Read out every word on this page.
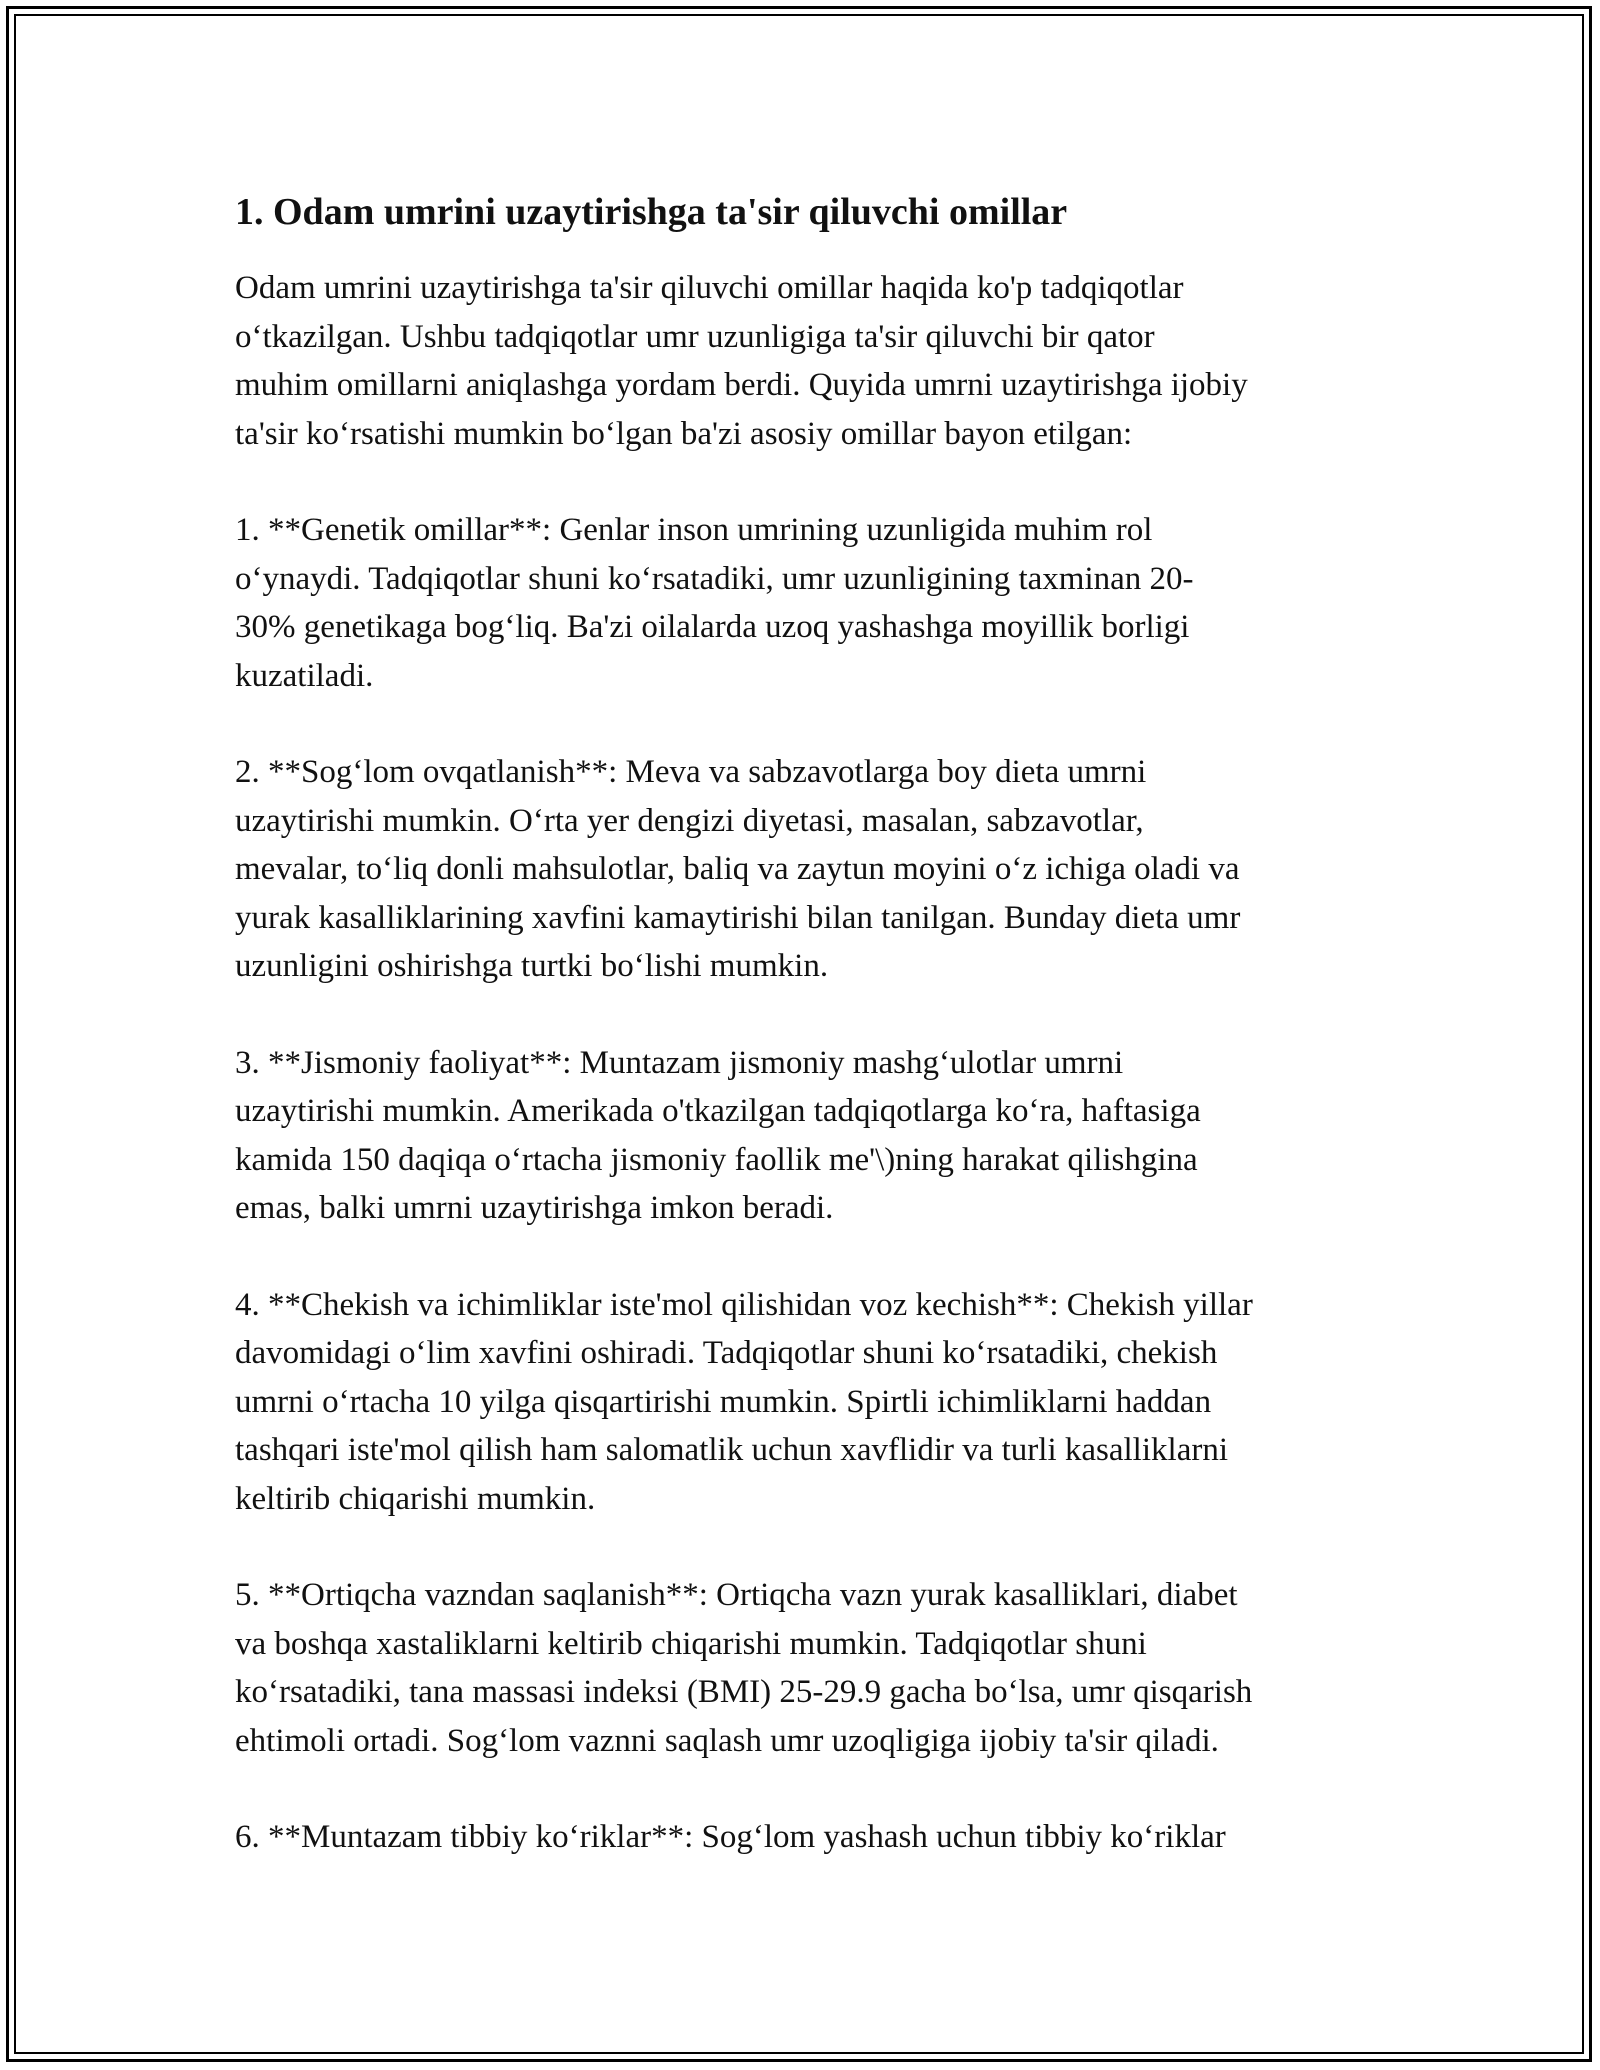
1. Odam umrini uzaytirishga ta'sir qiluvchi omillar

Odam umrini uzaytirishga ta'sir qiluvchi omillar haqida ko'p tadqiqotlar
o‘tkazilgan. Ushbu tadqiqotlar umr uzunligiga ta'sir qiluvchi bir qator
muhim omillarni aniqlashga yordam berdi. Quyida umrni uzaytirishga ijobiy
ta'sir ko‘rsatishi mumkin bo‘lgan ba'zi asosiy omillar bayon etilgan:

1. **Genetik omillar**: Genlar inson umrining uzunligida muhim rol
o‘ynaydi. Tadqiqotlar shuni ko‘rsatadiki, umr uzunligining taxminan 20-
30% genetikaga bog‘liq. Ba'zi oilalarda uzoq yashashga moyillik borligi
kuzatiladi.

2. **Sog‘lom ovqatlanish**: Meva va sabzavotlarga boy dieta umrni
uzaytirishi mumkin. O‘rta yer dengizi diyetasi, masalan, sabzavotlar,
mevalar, to‘liq donli mahsulotlar, baliq va zaytun moyini o‘z ichiga oladi va
yurak kasalliklarining xavfini kamaytirishi bilan tanilgan. Bunday dieta umr
uzunligini oshirishga turtki bo‘lishi mumkin.

3. **Jismoniy faoliyat**: Muntazam jismoniy mashg‘ulotlar umrni
uzaytirishi mumkin. Amerikada o'tkazilgan tadqiqotlarga ko‘ra, haftasiga
kamida 150 daqiqa o‘rtacha jismoniy faollik me'\)ning harakat qilishgina
emas, balki umrni uzaytirishga imkon beradi.

4. **Chekish va ichimliklar iste'mol qilishidan voz kechish**: Chekish yillar
davomidagi o‘lim xavfini oshiradi. Tadqiqotlar shuni ko‘rsatadiki, chekish
umrni o‘rtacha 10 yilga qisqartirishi mumkin. Spirtli ichimliklarni haddan
tashqari iste'mol qilish ham salomatlik uchun xavflidir va turli kasalliklarni
keltirib chiqarishi mumkin.

5. **Ortiqcha vazndan saqlanish**: Ortiqcha vazn yurak kasalliklari, diabet
va boshqa xastaliklarni keltirib chiqarishi mumkin. Tadqiqotlar shuni
ko‘rsatadiki, tana massasi indeksi (BMI) 25-29.9 gacha bo‘lsa, umr qisqarish
ehtimoli ortadi. Sog‘lom vaznni saqlash umr uzoqligiga ijobiy ta'sir qiladi.

6. **Muntazam tibbiy ko‘riklar**: Sog‘lom yashash uchun tibbiy ko‘riklar
